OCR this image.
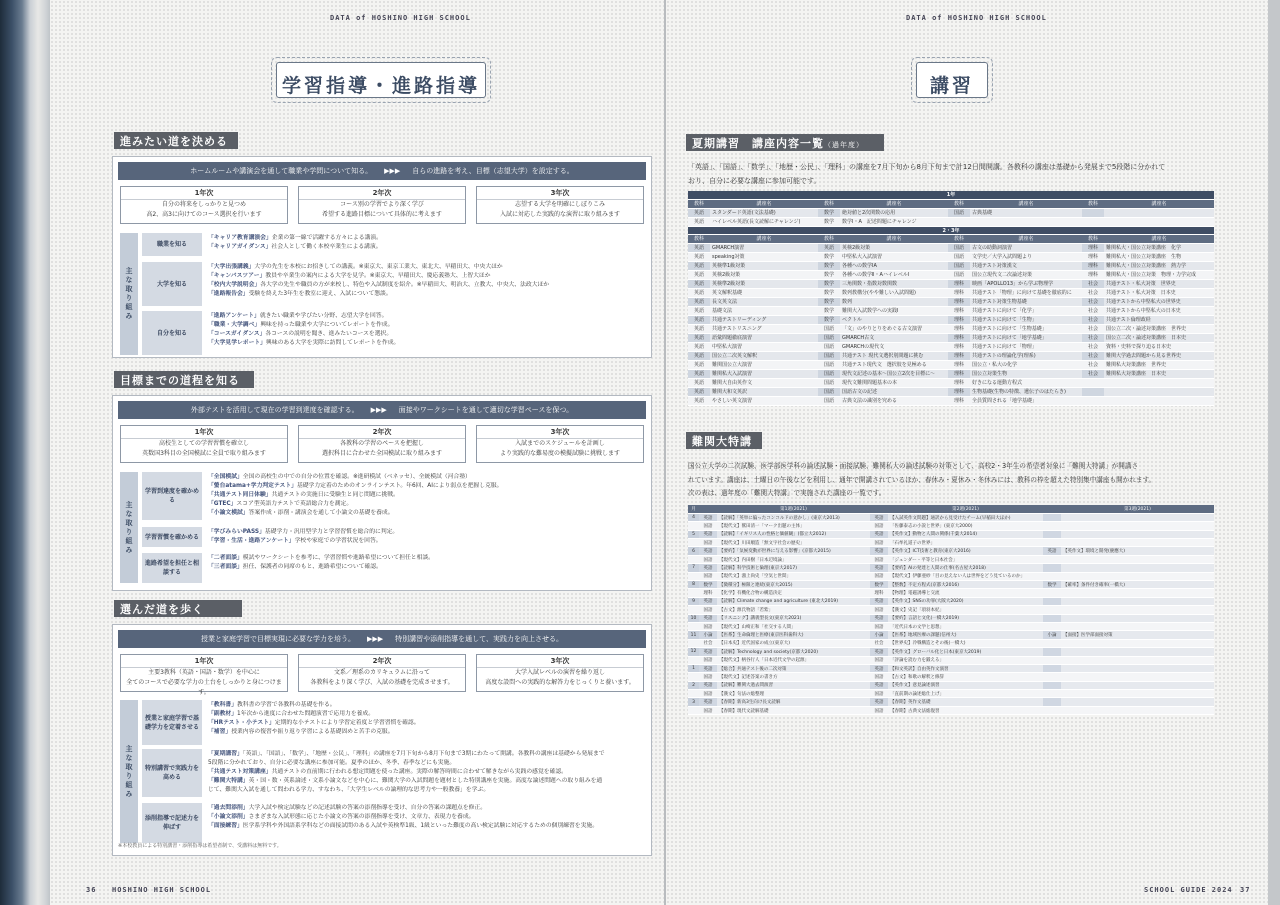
DATA of HOSHINO HIGH SCHOOL
学習指導・進路指導
進みたい道を決める
目標までの道程を知る
選んだ道を歩く
36 HOSHINO HIGH SCHOOL
ホームルームや講演会を通して職業や学問について知る。 ▶▶▶ 自らの進路を考え、目標（志望大学）を設定する。
1年次
自分の将来をしっかりと見つめ
高2、高3に向けてのコース選択を行います
2年次
コース別の学習でより深く学び
希望する進路目標について具体的に考えます
3年次
志望する大学を明確にしぼりこみ
入試に対応した実践的な演習に取り組みます
主な取り組み
職業を知る
「キャリア教育講演会」企業の第一線で活躍する方々による講演。
「キャリアガイダンス」社会人として働く本校卒業生による講演。
大学を知る
「大学出張講義」大学の先生を本校にお招きしての講義。※東京大、東京工業大、東北大、早稲田大、中央大ほか
「キャンパスツアー」教員や卒業生の案内による大学を見学。※東京大、早稲田大、慶応義塾大、上智大ほか
「校内大学説明会」各大学の先生や職員の方が来校し、特色や入試制度を紹介。※早稲田大、明治大、立教大、中央大、法政大ほか
「進路報告会」受験を終えた3年生を教室に迎え、入試について懇談。
自分を知る
「進路アンケート」就きたい職業や学びたい分野、志望大学を回答。
「職業・大学調べ」興味を持った職業や大学についてレポートを作成。
「コースガイダンス」各コースの説明を聞き、進みたいコースを選択。
「大学見学レポート」興味のある大学を実際に訪問してレポートを作成。
外部テストを活用して現在の学習到達度を確認する。 ▶▶▶ 面接やワークシートを通して適切な学習ペースを保つ。
1年次
高校生としての学習習慣を確立し
英数国3科目の全国模試に全員で取り組みます
2年次
各教科の学習のペースを把握し
選択科目に合わせた全国模試に取り組みます
3年次
入試までのスケジュールを計画し
より実践的な難易度の模擬試験に挑戦します
主な取り組み
学習到達度を確かめる
「全国模試」全国の高校生の中での自分の位置を確認。※進研模試（ベネッセ）、全統模試（河合塾）
「螢台atama+学力判定テスト」基礎学力定着のためのオンラインテスト。年6回、AIにより弱点を把握し克服。
「共通テスト同日体験」共通テストの実施日に受験生と同じ問題に挑戦。
「GTEC」スコア型英語力テストで英語総合力を測定。
「小論文模試」答案作成・添削・講演会を通して小論文の基礎を養成。
学習習慣を確かめる
「学びみらいPASS」基礎学力・汎用型学力と学習習慣を総合的に判定。
「学習・生活・進路アンケート」学校や家庭での学習状況を回答。
進路希望を担任と相談する
「二者面談」模試やワークシートを参考に、学習習慣や進路希望について担任と相談。
「三者面談」担任、保護者の同席のもと、進路希望について確認。
授業と家庭学習で目標実現に必要な学力を培う。 ▶▶▶ 特別講習や添削指導を通して、実践力を向上させる。
1年次
主要3教科（英語・国語・数学）を中心に
全てのコースで必要な学力の土台をしっかりと身につけます。
2年次
文系／理系のカリキュラムに沿って
各教科をより深く学び、入試の基礎を完成させます。
3年次
大学入試レベルの演習を繰り返し
高度な設問への実践的な解答力をじっくりと養います。
主な取り組み
授業と家庭学習で基礎学力を定着させる
「教科書」教科書の学習で各教科の基礎を作る。
「副教材」1年次から進度に合わせた問題演習で応用力を養成。
「HRテスト・小テスト」定期的な小テストにより学習定着度と学習習慣を確認。
「補習」授業内容の復習や振り返り学習による基礎固めと苦手の克服。
特別講習で実践力を高める
「夏期講習」「英語」、「国語」、「数学」、「地歴・公民」、「理科」の講座を7月下旬から8月下旬まで3期にわたって開講。各教科の講座は基礎から発展まで
5段階に分かれており、自分に必要な講座に参加可能。夏季のほか、冬季、春季などにも実施。
「共通テスト対策講座」共通テストの直前期に行われる想定問題を使った講座。実際の解答時間に合わせて解きながら実践の感覚を確認。
「難関大特講」英・国・数・英系論述・文系小論文などを中心に、難関大学の入試問題を題材とした特別講座を実施。高度な論述問題への取り組みを通
じて、難関大入試を通して問われる学力、すなわち、「大学生レベルの論理的な思考力や一般教養」を学ぶ。
添削指導で記述力を伸ばす
「過去問添削」大学入試や検定試験などの記述試験の答案の添削指導を受け、自分の答案の課題点を修正。
「小論文添削」さまざまな入試形態に応じた小論文の答案の添削指導を受け、文章力、表現力を養成。
「面接練習」医学系学科や外国語系学科などの面接試問のある入試や英検準1級、1級といった難度の高い検定試験に対応するための個別練習を実施。
※本校教員による特別講習・添削指導は希望者制で、受講料は無料です。
DATA of HOSHINO HIGH SCHOOL
講習
夏期講習　講座内容一覧（過年度）
「英語」、「国語」、「数学」、「地歴・公民」、「理科」の講座を7月下旬から8月下旬まで計12日間開講。各教科の講座は基礎から発展まで5段階に分かれて
おり、自分に必要な講座に参加可能です。
1年							
教科	講座名	教科	講座名	教科	講座名	教科	講座名
英語	スタンダード英語(文法基礎)	数学	絶対値と2次関数の応用	国語	古典基礎		
英語	ハイレベル英語(長文読解にチャレンジ)	数学	数学Ⅰ・A　記述問題にチャレンジ				
2・3年							
教科	講座名	教科	講座名	教科	講座名	教科	講座名
英語	GMARCH演習	英語	英検2級対策	国語	古文の助動詞演習	理科	難関私大・国公立対策講座　化学
英語	speaking対策	数学	中堅私大入試演習	国語	文学史／大学入試問題より	理科	難関私大・国公立対策講座　生物
英語	英検準1級対策	数学	各種への数学ⅠA	国語	共通テスト対策漢文	理科	難関私大・国公立対策講座　熱力学
英語	英検2級対策	数学	各種への数学Ⅱ・AハイレベルⅠ	国語	国公立現代文二次論述対策	理科	難関私大・国公立対策　物理・力学完成
英語	英検準2級対策	数学	三角関数・指数対数関数	理科	映画「APOLLO13」から学ぶ物理学	社会	共通テスト・私大対策　世界史
英語	英文解釈基礎	数学	数列教構分(やや難しい入試問題)	理科	共通テスト「物理」に向けて基礎を徹底的に	社会	共通テスト・私大対策　日本史
英語	長文英文法	数学	数列	理科	共通テスト対策生物基礎	社会	共通テストから中堅私大の世界史
英語	基礎文法	数学	難関大入試数学への実践Ⅰ	理科	共通テストに向けて「化学」	社会	共通テストから中堅私大の日本史
英語	共通テストリーディング	数学	ベクトル	理科	共通テストに向けて「生物」	社会	共通テスト倫理政経
英語	共通テストリスニング	国語	「文」のやりとりをめぐる古文演習	理科	共通テストに向けて「生物基礎」	社会	国公立二次・論述対策講座　世界史
英語	語彙問題徹底演習	国語	GMARCH古文	理科	共通テストに向けて「地学基礎」	社会	国公立二次・論述対策講座　日本史
英語	中堅私大演習	国語	GMARCHの現代文	理科	共通テストに向けて「物理」	社会	資料・史料で探り迫る日本史
英語	国公立二次英文解釈	国語	共通テスト 現代文選択別問題に挑む	理科	共通テストの理論化学(理系)	社会	難関大学過去問題から見る世界史
英語	難関国公立大演習	国語	共通テスト現代文　選択肢を見極める	理科	国公立・私大の化学	社会	難関私大対策講座　世界史
英語	難関私大入試演習	国語	現代文記述の基本〜国公立2次を目標に〜	理科	国公立対策生物	社会	難関私大対策講座　日本史
英語	難関大自由英作文	国語	現代文難関問題基本の本	理科	好きになる運動方程式		
英語	難関大和文英訳	国語	国語古文の記述	理科	生物基礎(生物の特徴、遺伝子のはたらき)		
英語	やさしい英文演習	国語	古典文法の識別を究める	理科	全員質問される「地学基礎」		
難関大特講
国公立大学の二次試験、医学部医学科の論述試験・面接試験、難関私大の論述試験の対策として、高校2・3年生の希望者対象に「難関大特講」が開講さ
れています。講座は、土曜日の午後などを利用し、通年で開講されているほか、春休み・夏休み・冬休みには、教科の枠を超えた特別集中講座も開かれます。
次の表は、過年度の「難関大特講」で実施された講座の一覧です。
月		第1週(2021)		第2週(2021)		第3週(2021)
4	英語	【読解】「英単に偏ったコンコルドの意かし」(東京大2013)	英語	【入試英作文問題】通訳から見受けたチーム(早稲田大ほか)		
	国語	【現代文】鷲田清一「マーク出題の主体」	国語	「佐藤泰志の小説と世界」(東京大2000)		
5	英語	【読解】「イギリス人の性格と価値観」(都立大2012)	英語	【英作文】動物と人間の関係(千葉大2014)		
	国語	【現代文】川田順造「無文字社会の歴史」	国語	「石牟礼道子の世界」		
6	英語	【要約】「気候変動が世界に与える影響」(京都大2015)	英語	【英作文】ICT技術と教育(東京大2016)	英語	【英作文】環境と開発(慶應大)
	国語	【現代文】内田樹「日本辺境論」	国語	「ジェンダー・平等と日本社会」		
7	英語	【読解】科学技術と倫理(東京大2017)	英語	【要約】AIの発達と人間の仕事(名古屋大2018)		
	国語	【現代文】鴻上尚史「空気と世間」	国語	【現代文】伊藤亜紗「目の見えない人は世界をどう見ているのか」		
8	数学	【微積分】極限と連続(東京大2015)	数学	【整数】不定方程式(京都大2016)	数学	【確率】条件付き確率(一橋大)
	理科	【化学】有機化合物の構造決定	理科	【物理】電磁誘導と交流		
9	英語	【読解】Climate change and agriculture (東北大2019)	英語	【英作文】SNSの功罪(大阪大2020)		
	国語	【古文】源氏物語「若紫」	国語	【漢文】史記「項羽本紀」		
10	英語	【リスニング】講義型長文(東京大2021)	英語	【要約】言語と文化(一橋大2019)		
	国語	【現代文】山崎正和「社交する人間」	国語	「近代日本の文学と思想」		
11	小論	【医系】生命倫理と医療(東京医科歯科大)	小論	【医系】地域医療の課題(信州大)	小論	【面接】医学部面接対策
	社会	【日本史】近代国家の成立(東京大)	社会	【世界史】冷戦構造とその後(一橋大)		
12	英語	【読解】Technology and society(京都大2020)	英語	【英作文】グローバル化と日本(東京大2019)		
	国語	【現代文】柄谷行人「日本近代文学の起源」	国語	「評論を読む力を鍛える」		
1	英語	【総合】共通テスト後の二次対策	英語	【和文英訳】自由英作文演習		
	国語	【現代文】記述答案の書き方	国語	【古文】和歌の解釈と修辞		
2	英語	【読解】難関大過去問演習	英語	【英作文】意見論述演習		
	国語	【漢文】句法の総整理	国語	「直前期の論述総仕上げ」		
3	英語	【春期】新高3生向け長文読解	英語	【春期】英作文基礎		
	国語	【春期】現代文読解基礎	国語	【春期】古典文法総復習		
SCHOOL GUIDE 2024 37
